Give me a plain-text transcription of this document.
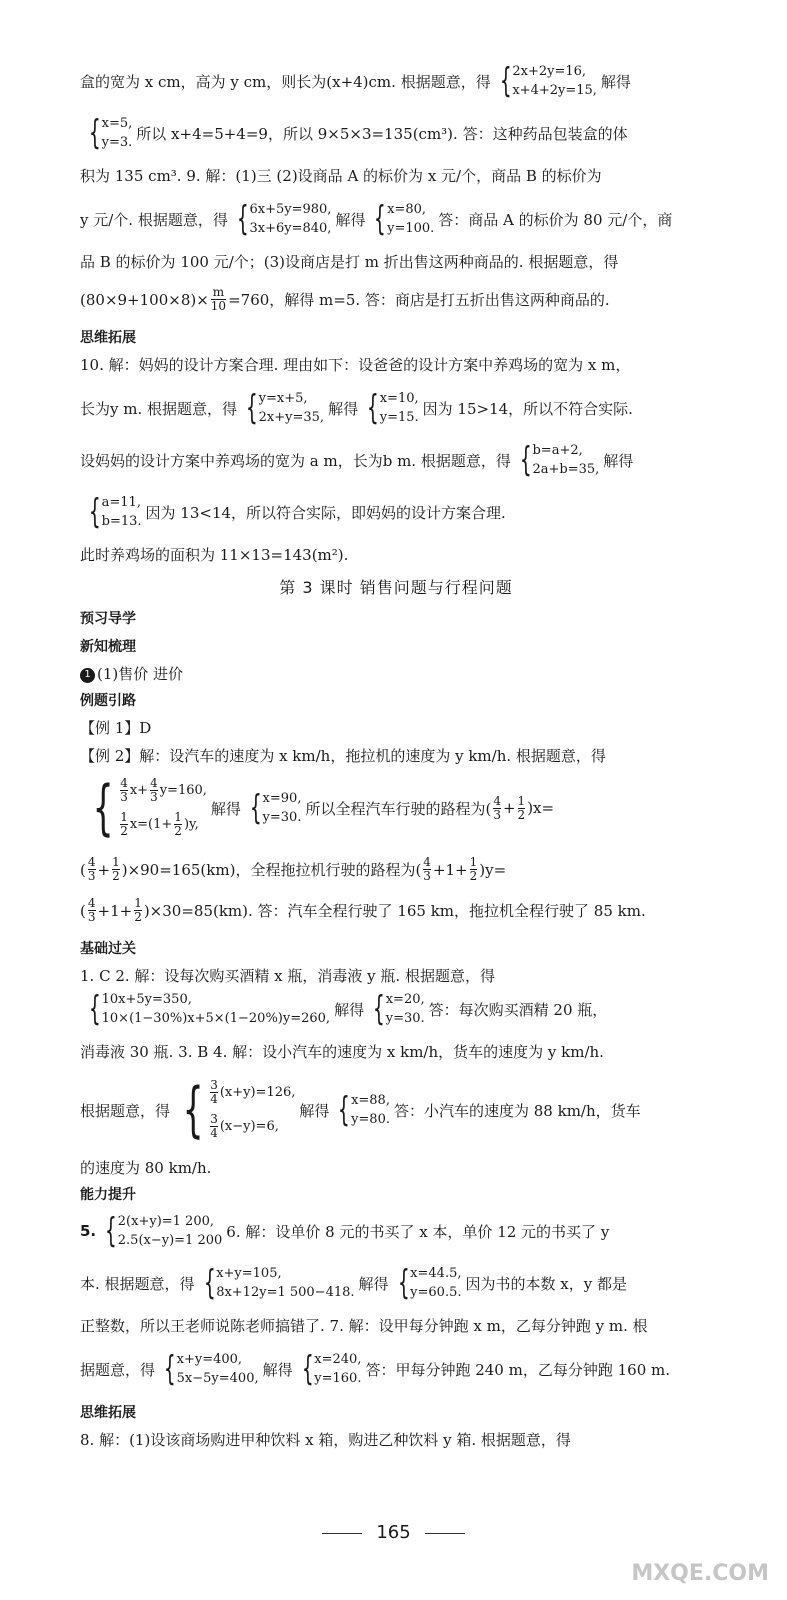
盒的宽为 x cm，高为 y cm，则长为(x+4)cm. 根据题意，得 { 2x+2y=16,
x+4+2y=15, 解得
{ x=5,
y=3. 所以 x+4=5+4=9，所以 9×5×3=135(cm³). 答：这种药品包装盒的体
积为 135 cm³. 9. 解：(1)三 (2)设商品 A 的标价为 x 元/个，商品 B 的标价为
y 元/个. 根据题意，得 { 6x+5y=980,
3x+6y=840, 解得 { x=80,
y=100. 答：商品 A 的标价为 80 元/个，商
品 B 的标价为 100 元/个；(3)设商店是打 m 折出售这两种商品的. 根据题意，得
$(80\times 9+100\times 8)\times \frac{m}{10} =760$，解得 m=5. 答：商店是打五折出售这两种商品的.
思维拓展
10. 解：妈妈的设计方案合理. 理由如下：设爸爸的设计方案中养鸡场的宽为 x m，
长为y m. 根据题意，得 { y=x+5,
2x+y=35, 解得 { x=10,
y=15. 因为 15>14，所以不符合实际.
设妈妈的设计方案中养鸡场的宽为 a m，长为b m. 根据题意，得 { b=a+2,
2a+b=35, 解得
{ a=11,
b=13. 因为 13<14，所以符合实际，即妈妈的设计方案合理.
此时养鸡场的面积为 11×13=143(m²).
第 3 课时 销售问题与行程问题
预习导学
新知梳理
1 (1)售价 进价
例题引路
【例 1】D
【例 2】解：设汽车的速度为 x km/h，拖拉机的速度为 y km/h. 根据题意，得
{ $\frac{4}{3} x+ \frac{4}{3} y=160$,
$\frac{1}{2} x=(1+ \frac{1}{2} )y$,
解得 { x=90,
y=30. 所以全程汽车行驶的路程为( $\frac{4}{3} + \frac{1}{2} )x=$
( $\frac{4}{3} + \frac{1}{2} )\times 90=165(km)$，全程拖拉机行驶的路程为( $\frac{4}{3} +1+ \frac{1}{2} )y=$
( $\frac{4}{3} +1+ \frac{1}{2} )\times 30=85(km)$. 答：汽车全程行驶了 165 km，拖拉机全程行驶了 85 km.
基础过关
1. C 2. 解：设每次购买酒精 x 瓶，消毒液 y 瓶. 根据题意，得
{ 10x+5y=350,
10×(1−30%)x+5×(1−20%)y=260, 解得 { x=20,
y=30. 答：每次购买酒精 20 瓶，
消毒液 30 瓶. 3. B 4. 解：设小汽车的速度为 x km/h，货车的速度为 y km/h.
根据题意，得 { $\frac{3}{4} (x+y)=126$,
$\frac{3}{4} (x-y)=6$,
解得 { x=88,
y=80. 答：小汽车的速度为 88 km/h，货车
的速度为 80 km/h.
能力提升
5. { 2(x+y)=1 200,
2.5(x−y)=1 200 6. 解：设单价 8 元的书买了 x 本，单价 12 元的书买了 y
本. 根据题意，得 { x+y=105,
8x+12y=1 500−418. 解得 { x=44.5,
y=60.5. 因为书的本数 x，y 都是
正整数，所以王老师说陈老师搞错了. 7. 解：设甲每分钟跑 x m，乙每分钟跑 y m. 根
据题意，得 { x+y=400,
5x−5y=400, 解得 { x=240,
y=160. 答：甲每分钟跑 240 m，乙每分钟跑 160 m.
思维拓展
8. 解：(1)设该商场购进甲种饮料 x 箱，购进乙种饮料 y 箱. 根据题意，得
165
MXQE.COM
